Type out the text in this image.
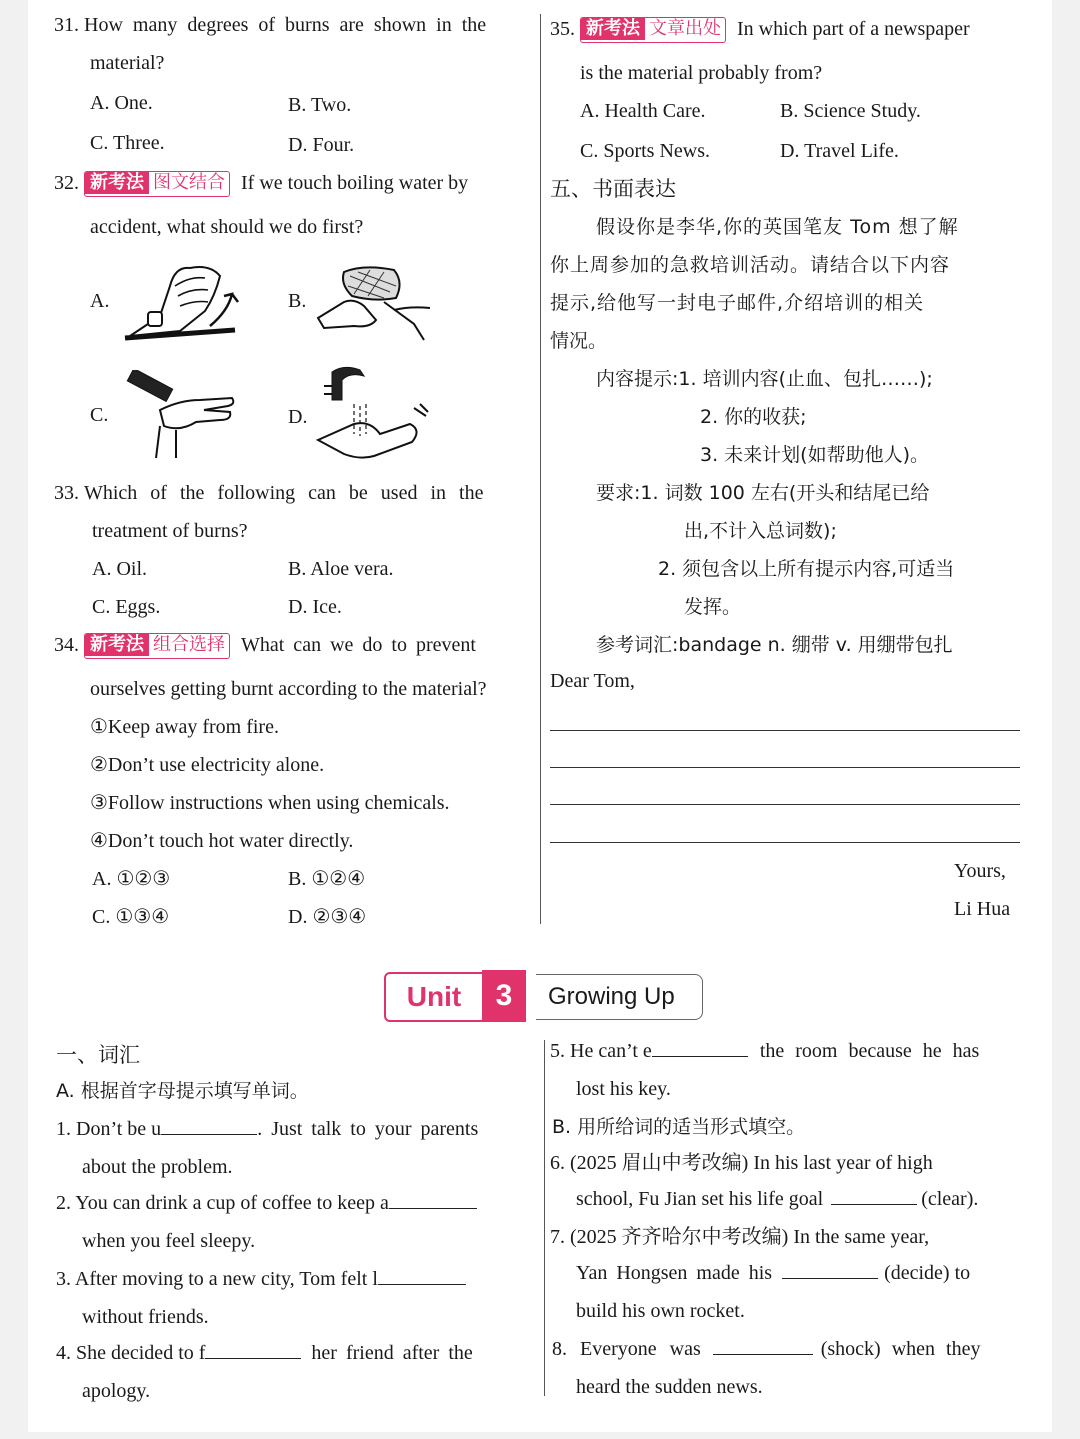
31. How many degrees of burns are shown in the
material?
A. One.	B. Two.
C. Three.	D. Four.
32. 新考法 图文结合 If we touch boiling water by
accident, what should we do first?
A.	B.
C.	D.
33. Which of the following can be used in the
treatment of burns?
A. Oil.	B. Aloe vera.
C. Eggs.	D. Ice.
34. 新考法 组合选择 What can we do to prevent
ourselves getting burnt according to the material?
①Keep away from fire.
②Don’t use electricity alone.
③Follow instructions when using chemicals.
④Don’t touch hot water directly.
A. ①②③	B. ①②④
C. ①③④	D. ②③④
35. 新考法 文章出处 In which part of a newspaper
is the material probably from?
A. Health Care.	B. Science Study.
C. Sports News.	D. Travel Life.
五、书面表达
假设你是李华,你的英国笔友 Tom 想了解
你上周参加的急救培训活动。请结合以下内容
提示,给他写一封电子邮件,介绍培训的相关
情况。
内容提示:1. 培训内容(止血、包扎……);
2. 你的收获;
3. 未来计划(如帮助他人)。
要求:1. 词数 100 左右(开头和结尾已给
出,不计入总词数);
2. 须包含以上所有提示内容,可适当
发挥。
参考词汇:bandage n. 绷带 v. 用绷带包扎
Dear Tom,
Yours,
Li Hua
Unit	3	Growing Up
一、词汇
A. 根据首字母提示填写单词。
1. Don’t be u	. Just talk to your parents
about the problem.
2. You can drink a cup of coffee to keep a
when you feel sleepy.
3. After moving to a new city, Tom felt l
without friends.
4. She decided to f	her friend after the
apology.
5. He can’t e	the room because he has
lost his key.
B. 用所给词的适当形式填空。
6. (2025 眉山中考改编) In his last year of high
school, Fu Jian set his life goal	(clear).
7. (2025 齐齐哈尔中考改编) In the same year,
Yan Hongsen made his	(decide) to
build his own rocket.
8. Everyone was	(shock) when they
heard the sudden news.
